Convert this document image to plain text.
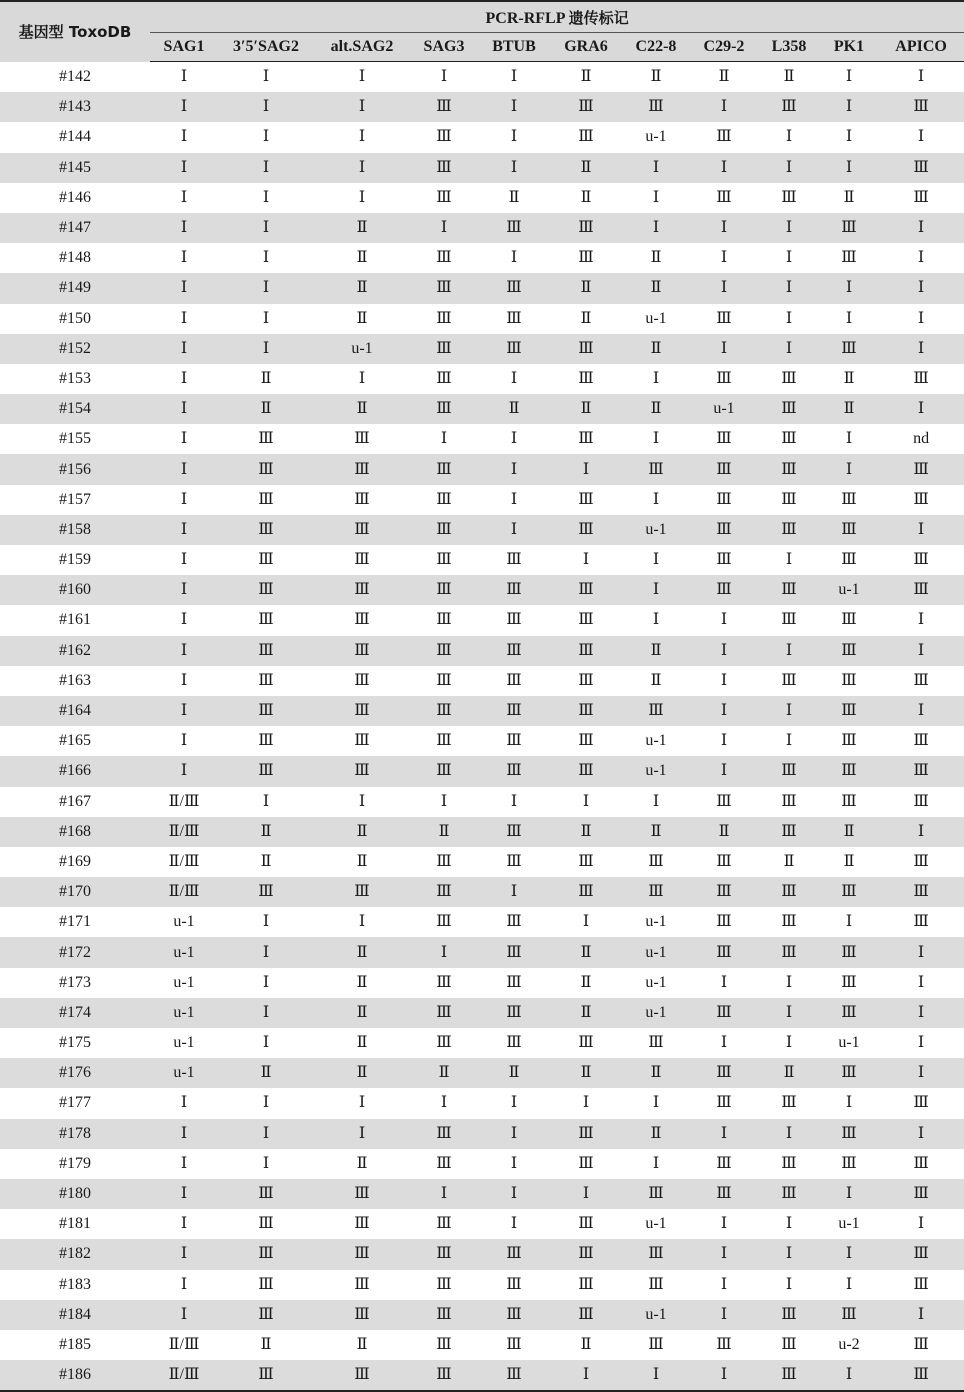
基因型 ToxoDB	PCR-RFLP 遗传标记										
	SAG1	3′5′SAG2	alt.SAG2	SAG3	BTUB	GRA6	C22-8	C29-2	L358	PK1	APICO
#142	Ⅰ	Ⅰ	Ⅰ	Ⅰ	Ⅰ	Ⅱ	Ⅱ	Ⅱ	Ⅱ	Ⅰ	Ⅰ
#143	Ⅰ	Ⅰ	Ⅰ	Ⅲ	Ⅰ	Ⅲ	Ⅲ	Ⅰ	Ⅲ	Ⅰ	Ⅲ
#144	Ⅰ	Ⅰ	Ⅰ	Ⅲ	Ⅰ	Ⅲ	u-1	Ⅲ	Ⅰ	Ⅰ	Ⅰ
#145	Ⅰ	Ⅰ	Ⅰ	Ⅲ	Ⅰ	Ⅱ	Ⅰ	Ⅰ	Ⅰ	Ⅰ	Ⅲ
#146	Ⅰ	Ⅰ	Ⅰ	Ⅲ	Ⅱ	Ⅱ	Ⅰ	Ⅲ	Ⅲ	Ⅱ	Ⅲ
#147	Ⅰ	Ⅰ	Ⅱ	Ⅰ	Ⅲ	Ⅲ	Ⅰ	Ⅰ	Ⅰ	Ⅲ	Ⅰ
#148	Ⅰ	Ⅰ	Ⅱ	Ⅲ	Ⅰ	Ⅲ	Ⅱ	Ⅰ	Ⅰ	Ⅲ	Ⅰ
#149	Ⅰ	Ⅰ	Ⅱ	Ⅲ	Ⅲ	Ⅱ	Ⅱ	Ⅰ	Ⅰ	Ⅰ	Ⅰ
#150	Ⅰ	Ⅰ	Ⅱ	Ⅲ	Ⅲ	Ⅱ	u-1	Ⅲ	Ⅰ	Ⅰ	Ⅰ
#152	Ⅰ	Ⅰ	u-1	Ⅲ	Ⅲ	Ⅲ	Ⅱ	Ⅰ	Ⅰ	Ⅲ	Ⅰ
#153	Ⅰ	Ⅱ	Ⅰ	Ⅲ	Ⅰ	Ⅲ	Ⅰ	Ⅲ	Ⅲ	Ⅱ	Ⅲ
#154	Ⅰ	Ⅱ	Ⅱ	Ⅲ	Ⅱ	Ⅱ	Ⅱ	u-1	Ⅲ	Ⅱ	Ⅰ
#155	Ⅰ	Ⅲ	Ⅲ	Ⅰ	Ⅰ	Ⅲ	Ⅰ	Ⅲ	Ⅲ	Ⅰ	nd
#156	Ⅰ	Ⅲ	Ⅲ	Ⅲ	Ⅰ	Ⅰ	Ⅲ	Ⅲ	Ⅲ	Ⅰ	Ⅲ
#157	Ⅰ	Ⅲ	Ⅲ	Ⅲ	Ⅰ	Ⅲ	Ⅰ	Ⅲ	Ⅲ	Ⅲ	Ⅲ
#158	Ⅰ	Ⅲ	Ⅲ	Ⅲ	Ⅰ	Ⅲ	u-1	Ⅲ	Ⅲ	Ⅲ	Ⅰ
#159	Ⅰ	Ⅲ	Ⅲ	Ⅲ	Ⅲ	Ⅰ	Ⅰ	Ⅲ	Ⅰ	Ⅲ	Ⅲ
#160	Ⅰ	Ⅲ	Ⅲ	Ⅲ	Ⅲ	Ⅲ	Ⅰ	Ⅲ	Ⅲ	u-1	Ⅲ
#161	Ⅰ	Ⅲ	Ⅲ	Ⅲ	Ⅲ	Ⅲ	Ⅰ	Ⅰ	Ⅲ	Ⅲ	Ⅰ
#162	Ⅰ	Ⅲ	Ⅲ	Ⅲ	Ⅲ	Ⅲ	Ⅱ	Ⅰ	Ⅰ	Ⅲ	Ⅰ
#163	Ⅰ	Ⅲ	Ⅲ	Ⅲ	Ⅲ	Ⅲ	Ⅱ	Ⅰ	Ⅲ	Ⅲ	Ⅲ
#164	Ⅰ	Ⅲ	Ⅲ	Ⅲ	Ⅲ	Ⅲ	Ⅲ	Ⅰ	Ⅰ	Ⅲ	Ⅰ
#165	Ⅰ	Ⅲ	Ⅲ	Ⅲ	Ⅲ	Ⅲ	u-1	Ⅰ	Ⅰ	Ⅲ	Ⅲ
#166	Ⅰ	Ⅲ	Ⅲ	Ⅲ	Ⅲ	Ⅲ	u-1	Ⅰ	Ⅲ	Ⅲ	Ⅲ
#167	Ⅱ/Ⅲ	Ⅰ	Ⅰ	Ⅰ	Ⅰ	Ⅰ	Ⅰ	Ⅲ	Ⅲ	Ⅲ	Ⅲ
#168	Ⅱ/Ⅲ	Ⅱ	Ⅱ	Ⅱ	Ⅲ	Ⅱ	Ⅱ	Ⅱ	Ⅲ	Ⅱ	Ⅰ
#169	Ⅱ/Ⅲ	Ⅱ	Ⅱ	Ⅲ	Ⅲ	Ⅲ	Ⅲ	Ⅲ	Ⅱ	Ⅱ	Ⅲ
#170	Ⅱ/Ⅲ	Ⅲ	Ⅲ	Ⅲ	Ⅰ	Ⅲ	Ⅲ	Ⅲ	Ⅲ	Ⅲ	Ⅲ
#171	u-1	Ⅰ	Ⅰ	Ⅲ	Ⅲ	Ⅰ	u-1	Ⅲ	Ⅲ	Ⅰ	Ⅲ
#172	u-1	Ⅰ	Ⅱ	Ⅰ	Ⅲ	Ⅱ	u-1	Ⅲ	Ⅲ	Ⅲ	Ⅰ
#173	u-1	Ⅰ	Ⅱ	Ⅲ	Ⅲ	Ⅱ	u-1	Ⅰ	Ⅰ	Ⅲ	Ⅰ
#174	u-1	Ⅰ	Ⅱ	Ⅲ	Ⅲ	Ⅱ	u-1	Ⅲ	Ⅰ	Ⅲ	Ⅰ
#175	u-1	Ⅰ	Ⅱ	Ⅲ	Ⅲ	Ⅲ	Ⅲ	Ⅰ	Ⅰ	u-1	Ⅰ
#176	u-1	Ⅱ	Ⅱ	Ⅱ	Ⅱ	Ⅱ	Ⅱ	Ⅲ	Ⅱ	Ⅲ	Ⅰ
#177	Ⅰ	Ⅰ	Ⅰ	Ⅰ	Ⅰ	Ⅰ	Ⅰ	Ⅲ	Ⅲ	Ⅰ	Ⅲ
#178	Ⅰ	Ⅰ	Ⅰ	Ⅲ	Ⅰ	Ⅲ	Ⅱ	Ⅰ	Ⅰ	Ⅲ	Ⅰ
#179	Ⅰ	Ⅰ	Ⅱ	Ⅲ	Ⅰ	Ⅲ	Ⅰ	Ⅲ	Ⅲ	Ⅲ	Ⅲ
#180	Ⅰ	Ⅲ	Ⅲ	Ⅰ	Ⅰ	Ⅰ	Ⅲ	Ⅲ	Ⅲ	Ⅰ	Ⅲ
#181	Ⅰ	Ⅲ	Ⅲ	Ⅲ	Ⅰ	Ⅲ	u-1	Ⅰ	Ⅰ	u-1	Ⅰ
#182	Ⅰ	Ⅲ	Ⅲ	Ⅲ	Ⅲ	Ⅲ	Ⅲ	Ⅰ	Ⅰ	Ⅰ	Ⅲ
#183	Ⅰ	Ⅲ	Ⅲ	Ⅲ	Ⅲ	Ⅲ	Ⅲ	Ⅰ	Ⅰ	Ⅰ	Ⅲ
#184	Ⅰ	Ⅲ	Ⅲ	Ⅲ	Ⅲ	Ⅲ	u-1	Ⅰ	Ⅲ	Ⅲ	Ⅰ
#185	Ⅱ/Ⅲ	Ⅱ	Ⅱ	Ⅲ	Ⅲ	Ⅱ	Ⅲ	Ⅲ	Ⅲ	u-2	Ⅲ
#186	Ⅱ/Ⅲ	Ⅲ	Ⅲ	Ⅲ	Ⅲ	Ⅰ	Ⅰ	Ⅰ	Ⅲ	Ⅰ	Ⅲ
